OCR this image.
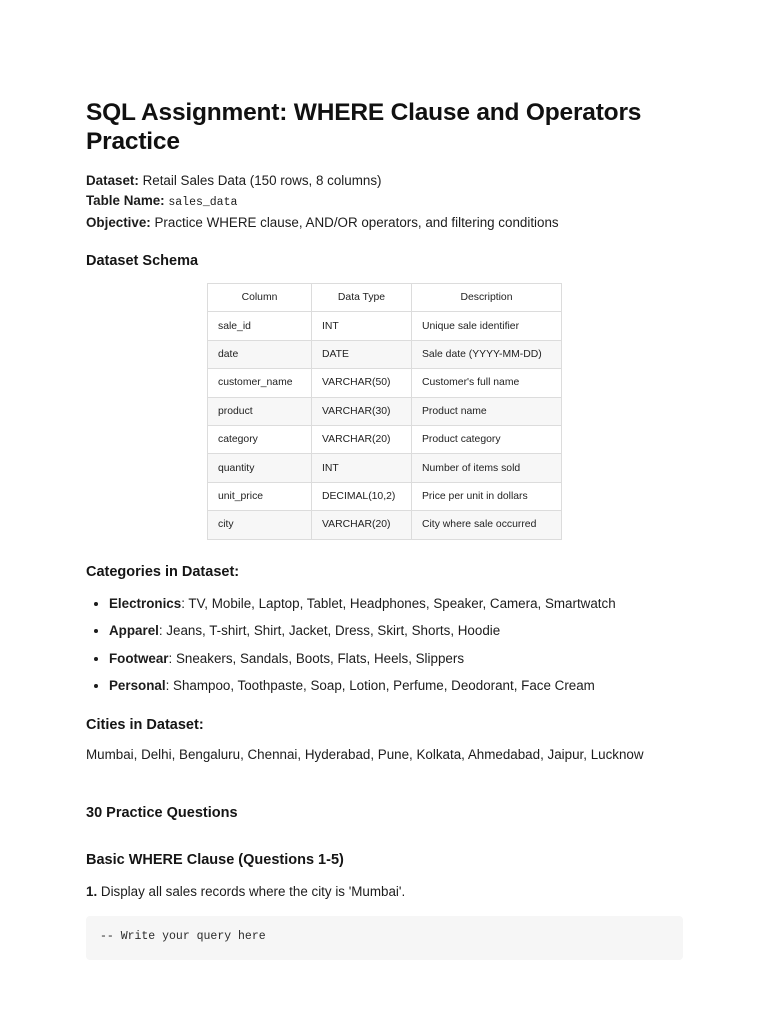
SQL Assignment: WHERE Clause and Operators Practice
Dataset: Retail Sales Data (150 rows, 8 columns)
Table Name: sales_data
Objective: Practice WHERE clause, AND/OR operators, and filtering conditions
Dataset Schema
Column	Data Type	Description
sale_id	INT	Unique sale identifier
date	DATE	Sale date (YYYY-MM-DD)
customer_name	VARCHAR(50)	Customer's full name
product	VARCHAR(30)	Product name
category	VARCHAR(20)	Product category
quantity	INT	Number of items sold
unit_price	DECIMAL(10,2)	Price per unit in dollars
city	VARCHAR(20)	City where sale occurred
Categories in Dataset:
• Electronics: TV, Mobile, Laptop, Tablet, Headphones, Speaker, Camera, Smartwatch
• Apparel: Jeans, T-shirt, Shirt, Jacket, Dress, Skirt, Shorts, Hoodie
• Footwear: Sneakers, Sandals, Boots, Flats, Heels, Slippers
• Personal: Shampoo, Toothpaste, Soap, Lotion, Perfume, Deodorant, Face Cream
Cities in Dataset:
Mumbai, Delhi, Bengaluru, Chennai, Hyderabad, Pune, Kolkata, Ahmedabad, Jaipur, Lucknow
30 Practice Questions
Basic WHERE Clause (Questions 1-5)
1. Display all sales records where the city is 'Mumbai'.
-- Write your query here
